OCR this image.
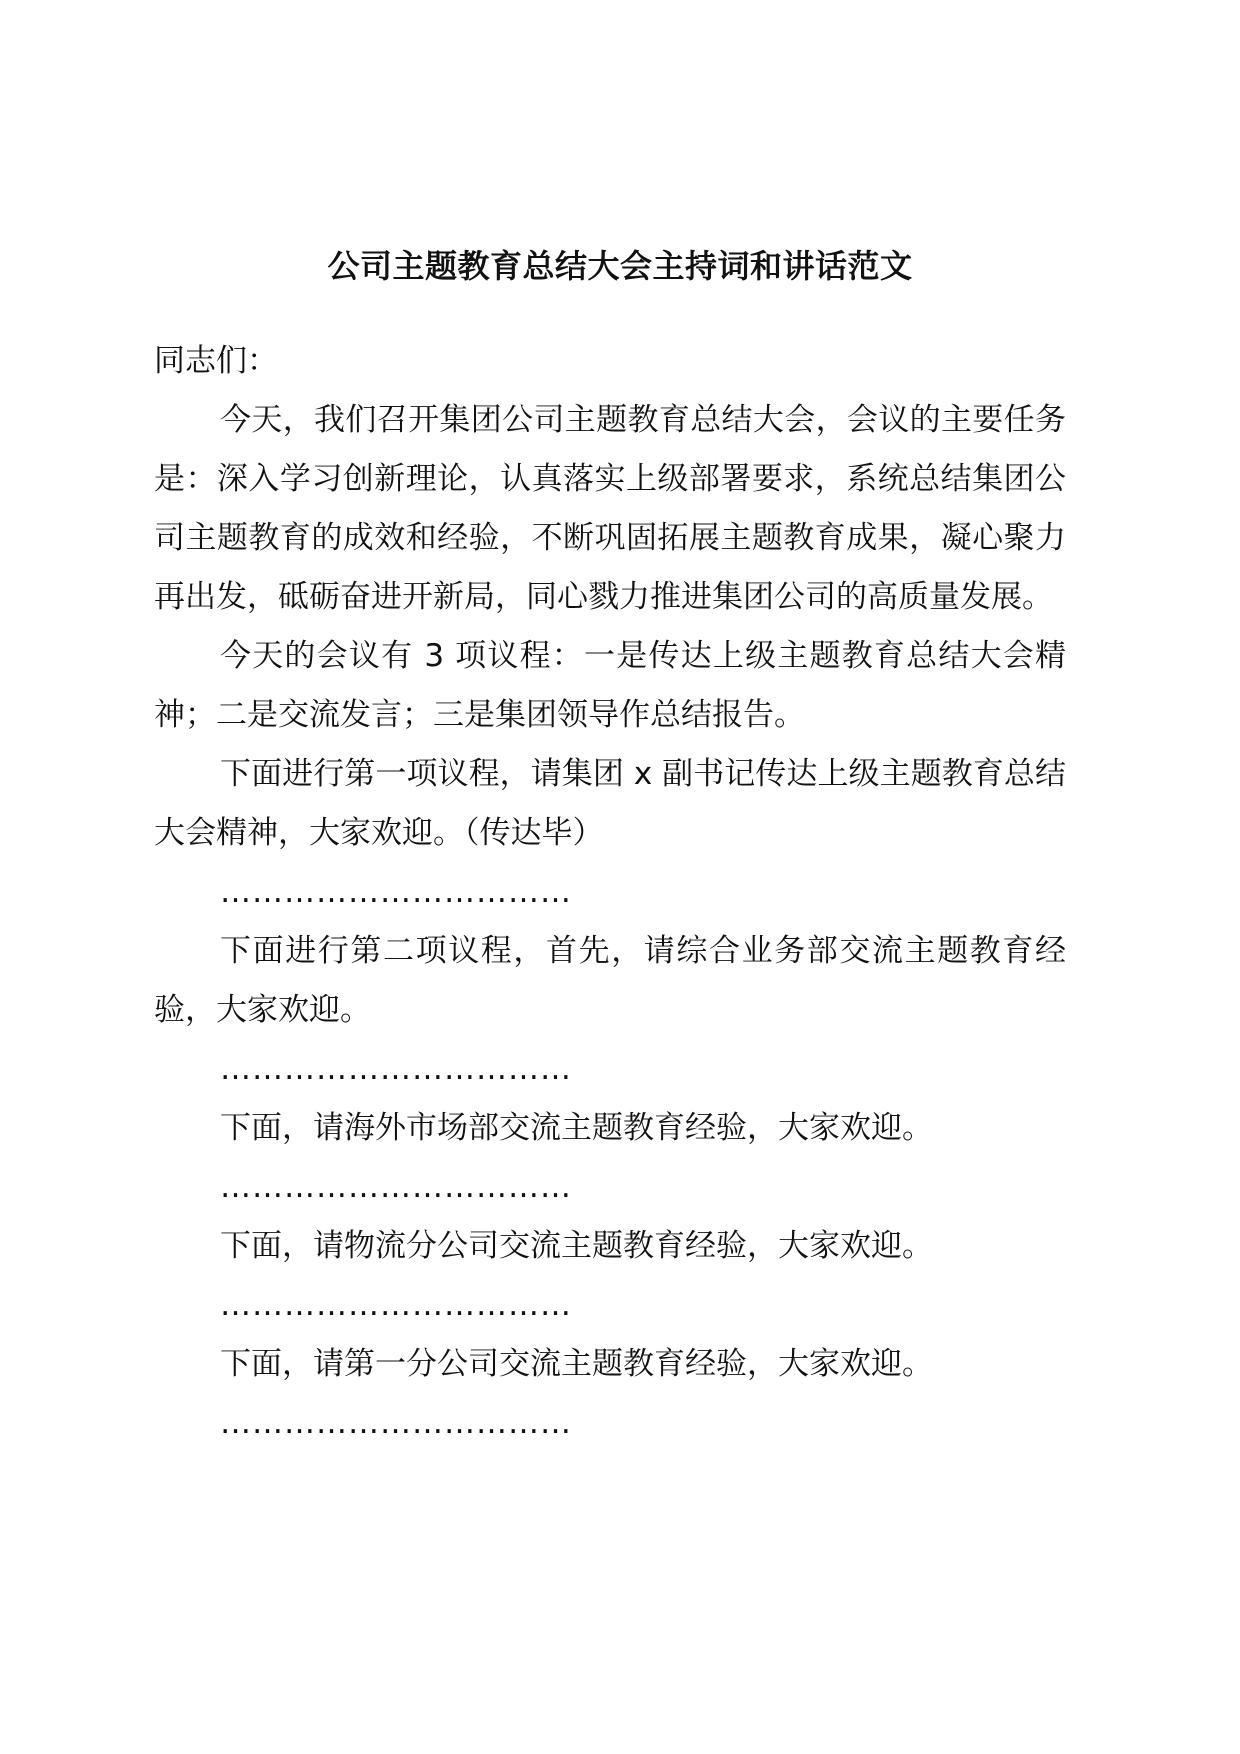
公司主题教育总结大会主持词和讲话范文

同志们：

今天，我们召开集团公司主题教育总结大会，会议的主要任务是：深入学习创新理论，认真落实上级部署要求，系统总结集团公司主题教育的成效和经验，不断巩固拓展主题教育成果，凝心聚力再出发，砥砺奋进开新局，同心戮力推进集团公司的高质量发展。

今天的会议有 3 项议程：一是传达上级主题教育总结大会精神；二是交流发言；三是集团领导作总结报告。

下面进行第一项议程，请集团 x 副书记传达上级主题教育总结大会精神，大家欢迎。（传达毕）

……………………………

下面进行第二项议程，首先，请综合业务部交流主题教育经验，大家欢迎。

……………………………

下面，请海外市场部交流主题教育经验，大家欢迎。

……………………………

下面，请物流分公司交流主题教育经验，大家欢迎。

……………………………

下面，请第一分公司交流主题教育经验，大家欢迎。

……………………………
